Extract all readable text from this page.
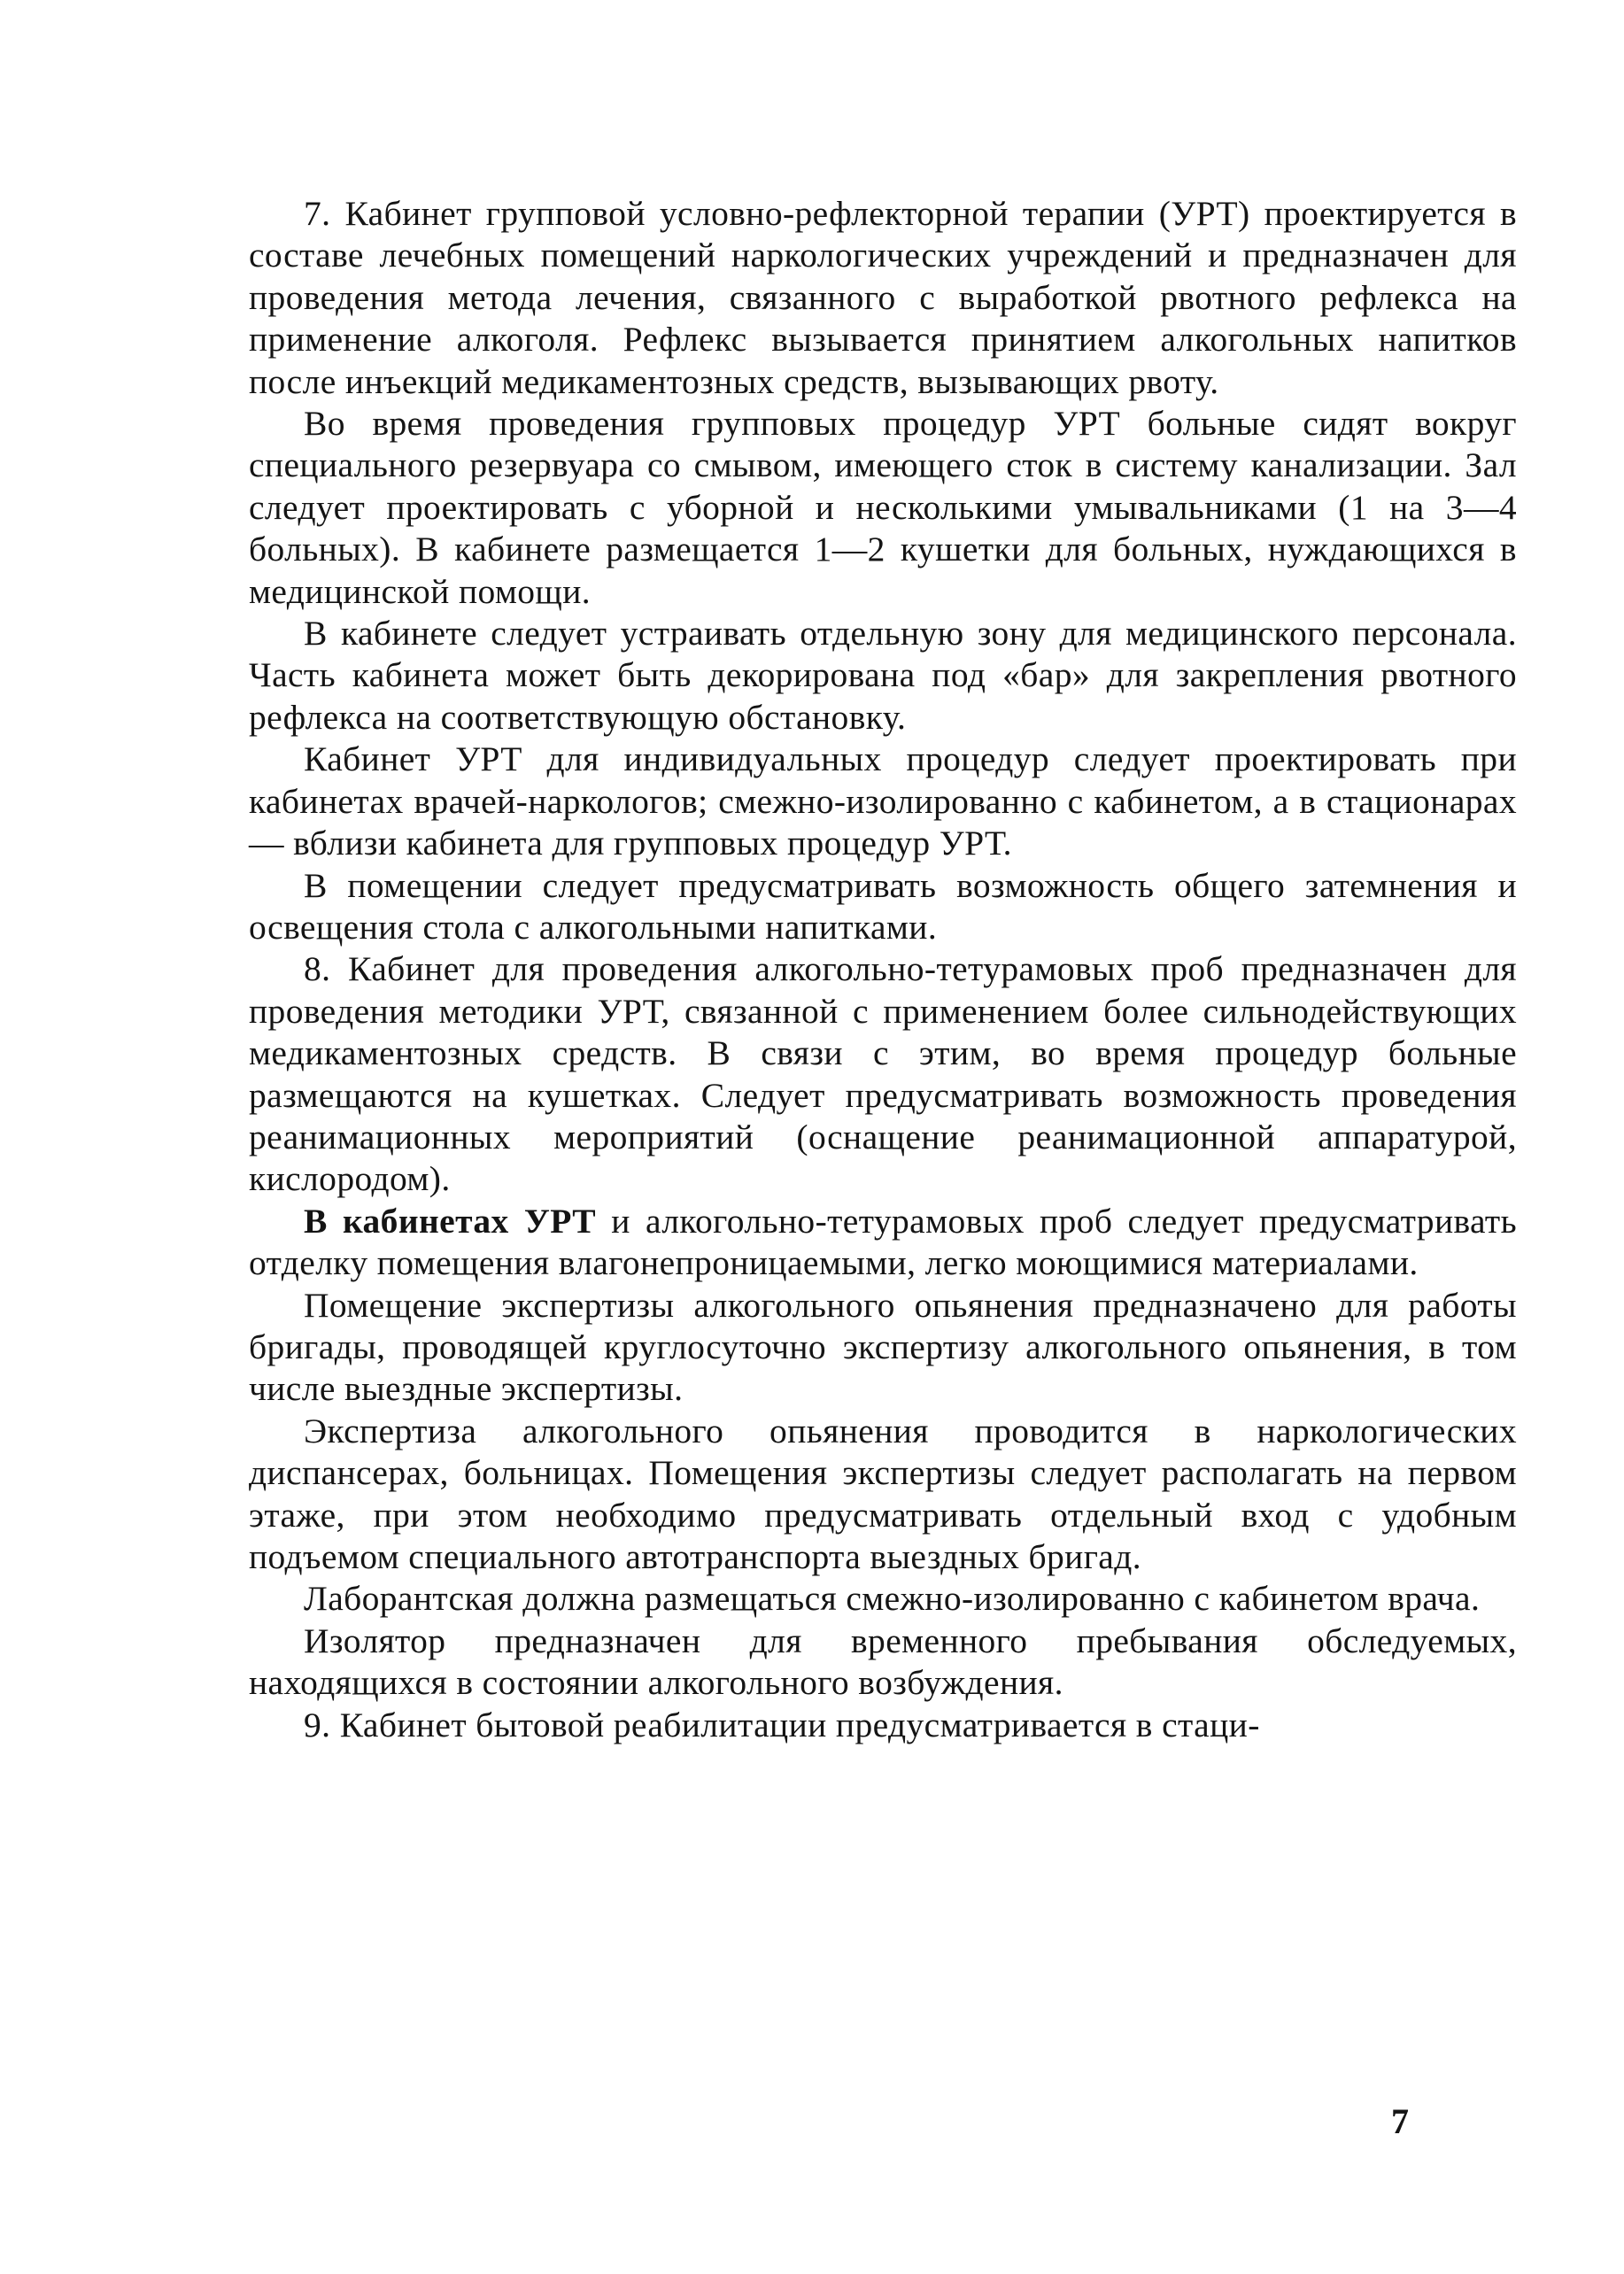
7. Кабинет групповой условно-рефлекторной терапии (УРТ) проектируется в составе лечебных помещений наркологических учреждений и предназначен для проведения метода лечения, связанного с выработкой рвотного рефлекса на применение алкоголя. Рефлекс вызывается принятием алкогольных напитков после инъекций медикаментозных средств, вызывающих рвоту.

Во время проведения групповых процедур УРТ больные сидят вокруг специального резервуара со смывом, имеющего сток в систему канализации. Зал следует проектировать с уборной и несколькими умывальниками (1 на 3—4 больных). В кабинете размещается 1—2 кушетки для больных, нуждающихся в медицинской помощи.

В кабинете следует устраивать отдельную зону для медицинского персонала. Часть кабинета может быть декорирована под «бар» для закрепления рвотного рефлекса на соответствующую обстановку.

Кабинет УРТ для индивидуальных процедур следует проектировать при кабинетах врачей-наркологов; смежно-изолированно с кабинетом, а в стационарах — вблизи кабинета для групповых процедур УРТ.

В помещении следует предусматривать возможность общего затемнения и освещения стола с алкогольными напитками.

8. Кабинет для проведения алкогольно-тетурамовых проб предназначен для проведения методики УРТ, связанной с применением более сильнодействующих медикаментозных средств. В связи с этим, во время процедур больные размещаются на кушетках. Следует предусматривать возможность проведения реанимационных мероприятий (оснащение реанимационной аппаратурой, кислородом).

В кабинетах УРТ и алкогольно-тетурамовых проб следует предусматривать отделку помещения влагонепроницаемыми, легко моющимися материалами.

Помещение экспертизы алкогольного опьянения предназначено для работы бригады, проводящей круглосуточно экспертизу алкогольного опьянения, в том числе выездные экспертизы.

Экспертиза алкогольного опьянения проводится в наркологических диспансерах, больницах. Помещения экспертизы следует располагать на первом этаже, при этом необходимо предусматривать отдельный вход с удобным подъемом специального автотранспорта выездных бригад.

Лаборантская должна размещаться смежно-изолированно с кабинетом врача.

Изолятор предназначен для временного пребывания обследуемых, находящихся в состоянии алкогольного возбуждения.

9. Кабинет бытовой реабилитации предусматривается в стаци-

7
